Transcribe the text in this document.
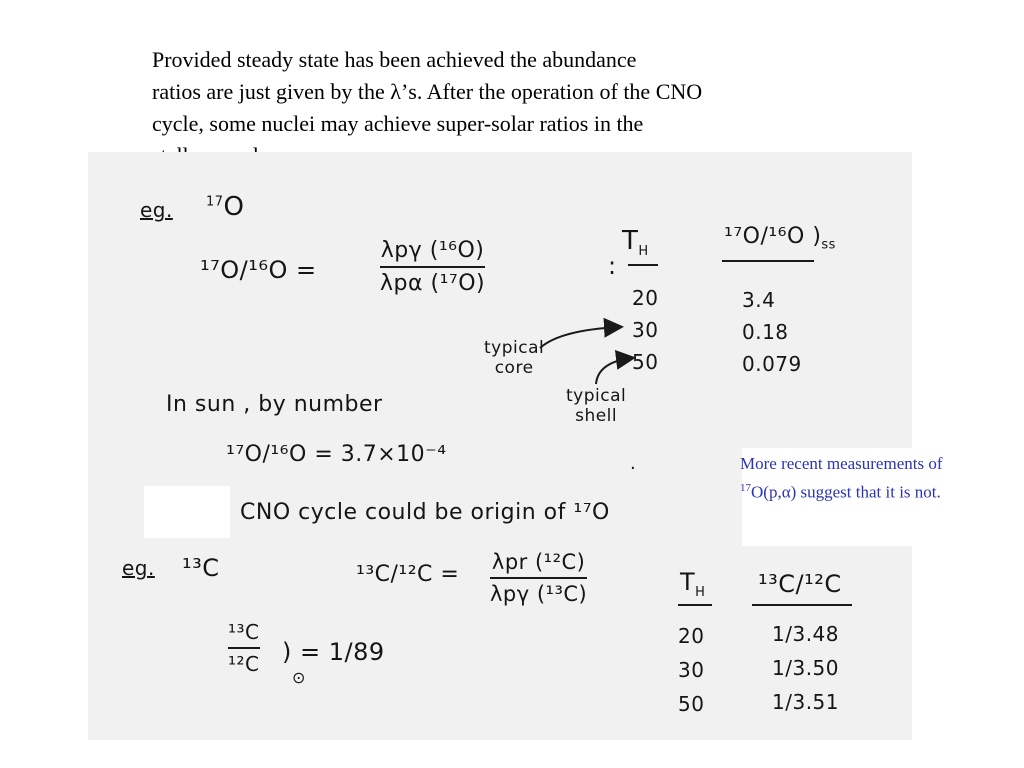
Provided steady state has been achieved the abundance
ratios are just given by the λ’s. After the operation of the CNO
cycle, some nuclei may achieve super-solar ratios in the
eg.	$^{17}$O
¹⁷O/¹⁶O =
λpγ (¹⁶O)
λpα (¹⁷O)
:
$T_H$
¹⁷O/¹⁶O )$_{ss}$
20
30
50
3.4
0.18
0.079
typical
core
typical
shell
In sun , by number
¹⁷O/¹⁶O = 3.7×10⁻⁴
·
CNO cycle could be origin of ¹⁷O
More recent measurements of
$^{17}$O(p,α) suggest that it is not.
eg. ¹³C	¹³C/¹²C = λpr (¹²C)
λpγ (¹³C)
¹³C
¹²C ) = 1/89
⊙
$T_H$ ¹³C/¹²C
20
30
50
1/3.48
1/3.50
1/3.51
